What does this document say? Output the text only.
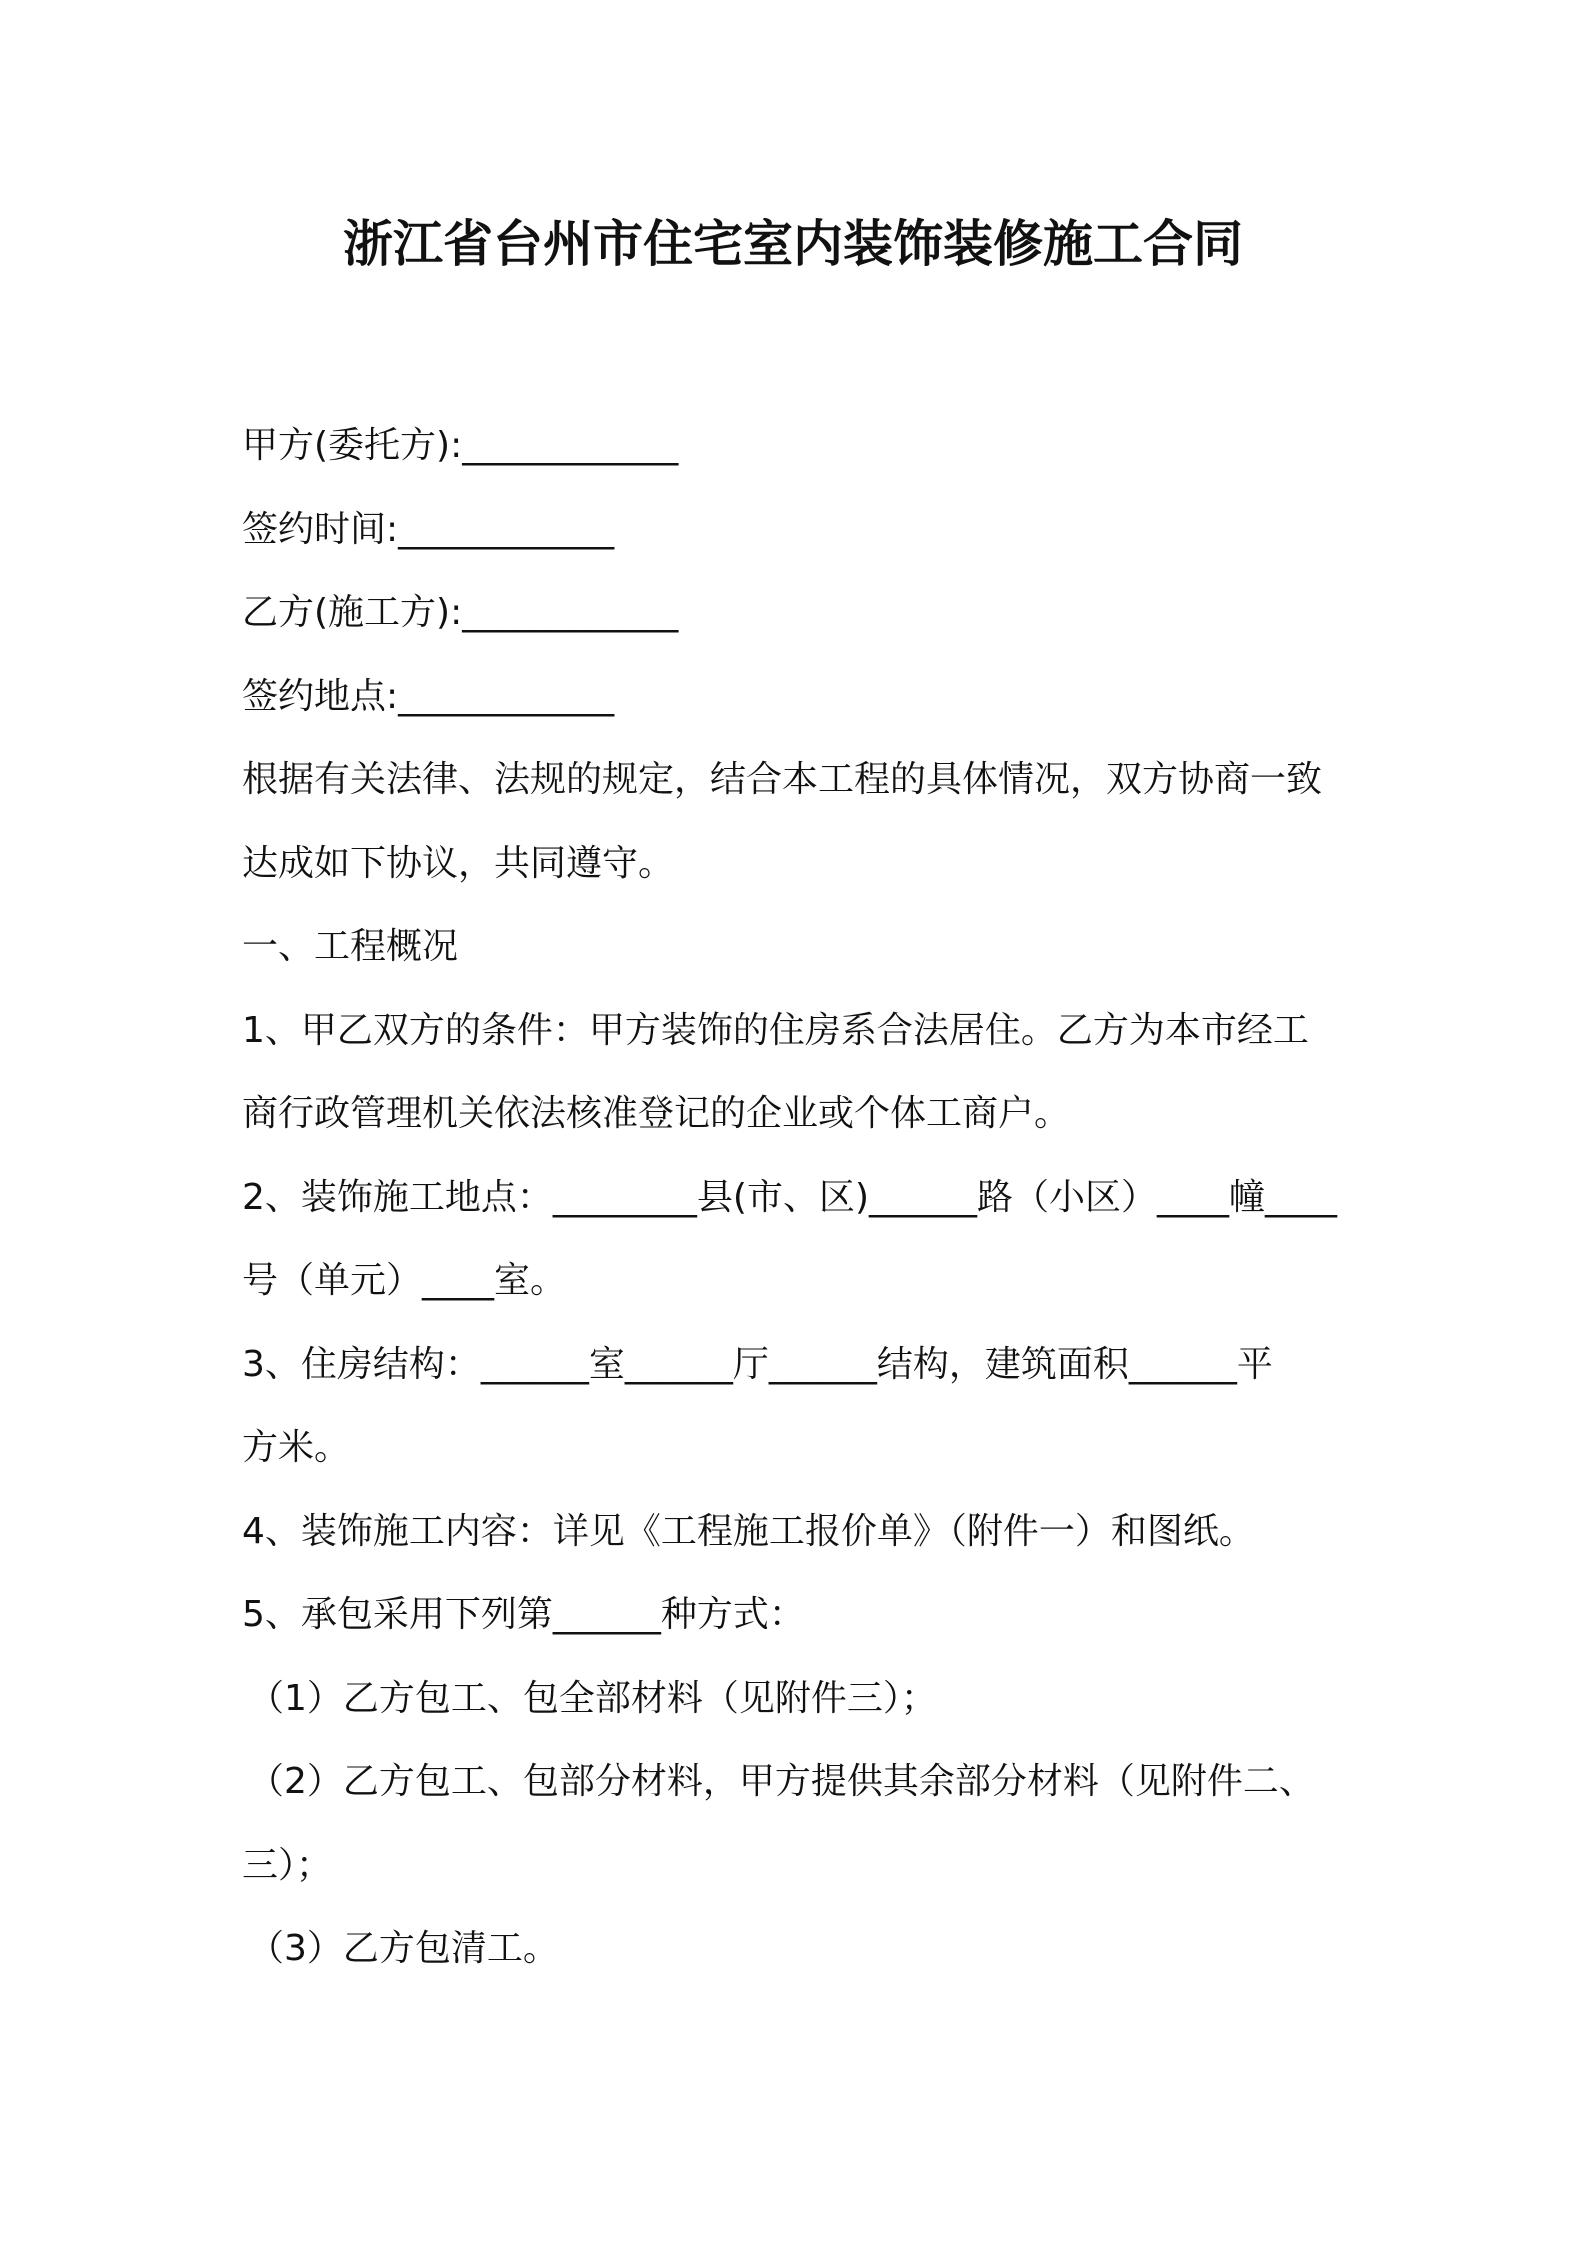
浙江省台州市住宅室内装饰装修施工合同
甲方(委托方):____________
签约时间:____________
乙方(施工方):____________
签约地点:____________
根据有关法律、法规的规定，结合本工程的具体情况，双方协商一致
达成如下协议，共同遵守。
一、工程概况
1、甲乙双方的条件：甲方装饰的住房系合法居住。乙方为本市经工
商行政管理机关依法核准登记的企业或个体工商户。
2、装饰施工地点：________县(市、区)______路（小区）____幢____
号（单元）____室。
3、住房结构：______室______厅______结构，建筑面积______平
方米。
4、装饰施工内容：详见《工程施工报价单》（附件一）和图纸。
5、承包采用下列第______种方式：
（1）乙方包工、包全部材料（见附件三）；
（2）乙方包工、包部分材料，甲方提供其余部分材料（见附件二、
三）；
（3）乙方包清工。
